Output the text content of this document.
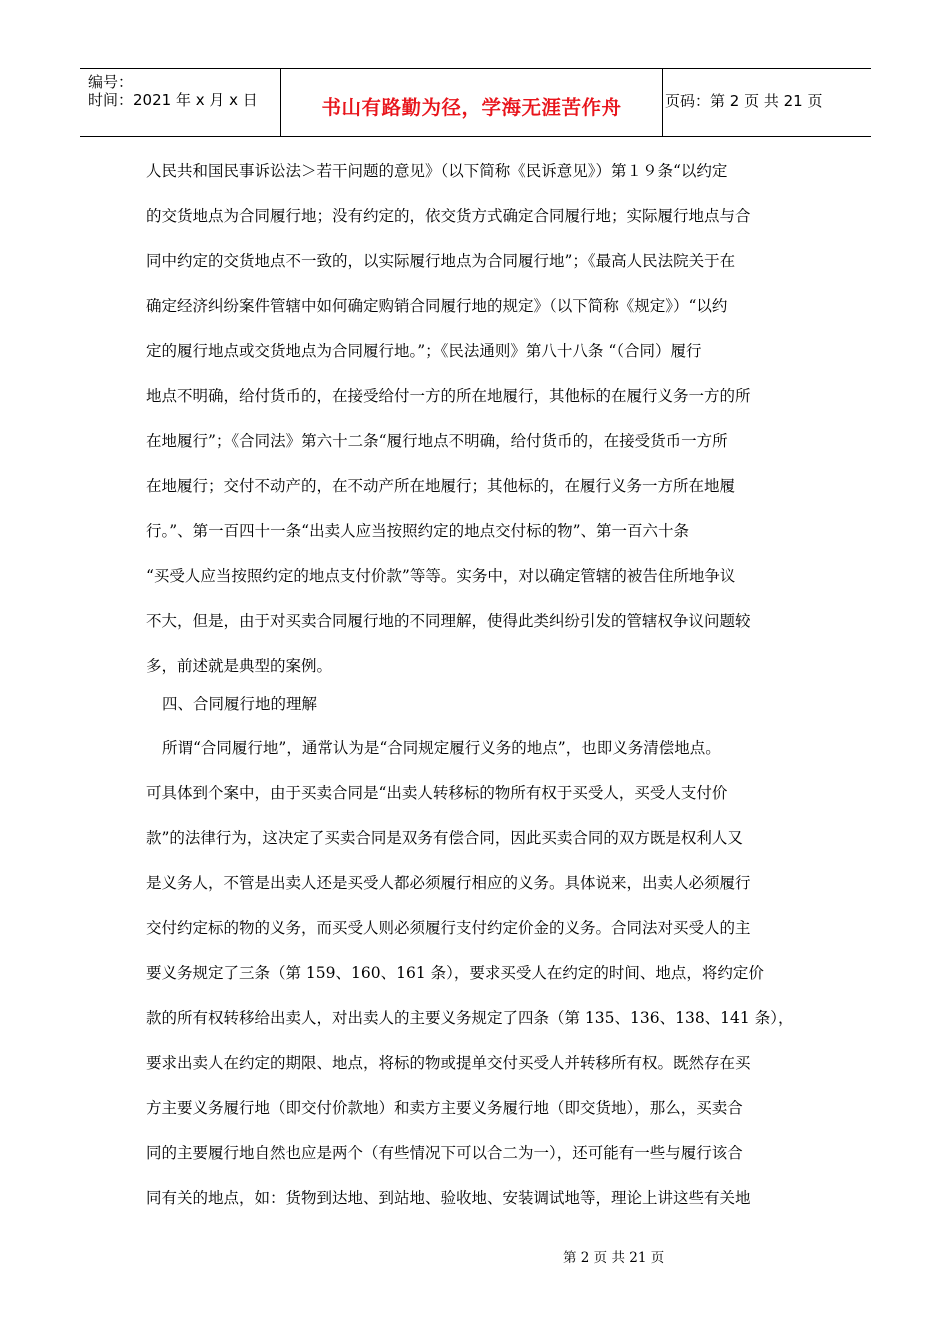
编号：
时间：2021 年 x 月 x 日	书山有路勤为径，学海无涯苦作舟	页码：第 2 页 共 21 页
人民共和国民事诉讼法＞若干问题的意见》（以下简称《民诉意见》）第１９条“以约定
的交货地点为合同履行地；没有约定的，依交货方式确定合同履行地；实际履行地点与合
同中约定的交货地点不一致的，以实际履行地点为合同履行地”；《最高人民法院关于在
确定经济纠纷案件管辖中如何确定购销合同履行地的规定》（以下简称《规定》）“以约
定的履行地点或交货地点为合同履行地。”；《民法通则》第八十八条 “（合同）履行
地点不明确，给付货币的，在接受给付一方的所在地履行，其他标的在履行义务一方的所
在地履行”；《合同法》第六十二条“履行地点不明确，给付货币的，在接受货币一方所
在地履行；交付不动产的，在不动产所在地履行；其他标的，在履行义务一方所在地履
行。”、第一百四十一条“出卖人应当按照约定的地点交付标的物”、第一百六十条
“买受人应当按照约定的地点支付价款”等等。实务中，对以确定管辖的被告住所地争议
不大，但是，由于对买卖合同履行地的不同理解，使得此类纠纷引发的管辖权争议问题较
多，前述就是典型的案例。
四、合同履行地的理解
所谓“合同履行地”，通常认为是“合同规定履行义务的地点”，也即义务清偿地点。
可具体到个案中，由于买卖合同是“出卖人转移标的物所有权于买受人，买受人支付价
款”的法律行为，这决定了买卖合同是双务有偿合同，因此买卖合同的双方既是权利人又
是义务人，不管是出卖人还是买受人都必须履行相应的义务。具体说来，出卖人必须履行
交付约定标的物的义务，而买受人则必须履行支付约定价金的义务。合同法对买受人的主
要义务规定了三条（第 159、160、161 条），要求买受人在约定的时间、地点，将约定价
款的所有权转移给出卖人，对出卖人的主要义务规定了四条（第 135、136、138、141 条），
要求出卖人在约定的期限、地点，将标的物或提单交付买受人并转移所有权。既然存在买
方主要义务履行地（即交付价款地）和卖方主要义务履行地（即交货地），那么，买卖合
同的主要履行地自然也应是两个（有些情况下可以合二为一），还可能有一些与履行该合
同有关的地点，如：货物到达地、到站地、验收地、安装调试地等，理论上讲这些有关地
第 2 页 共 21 页
